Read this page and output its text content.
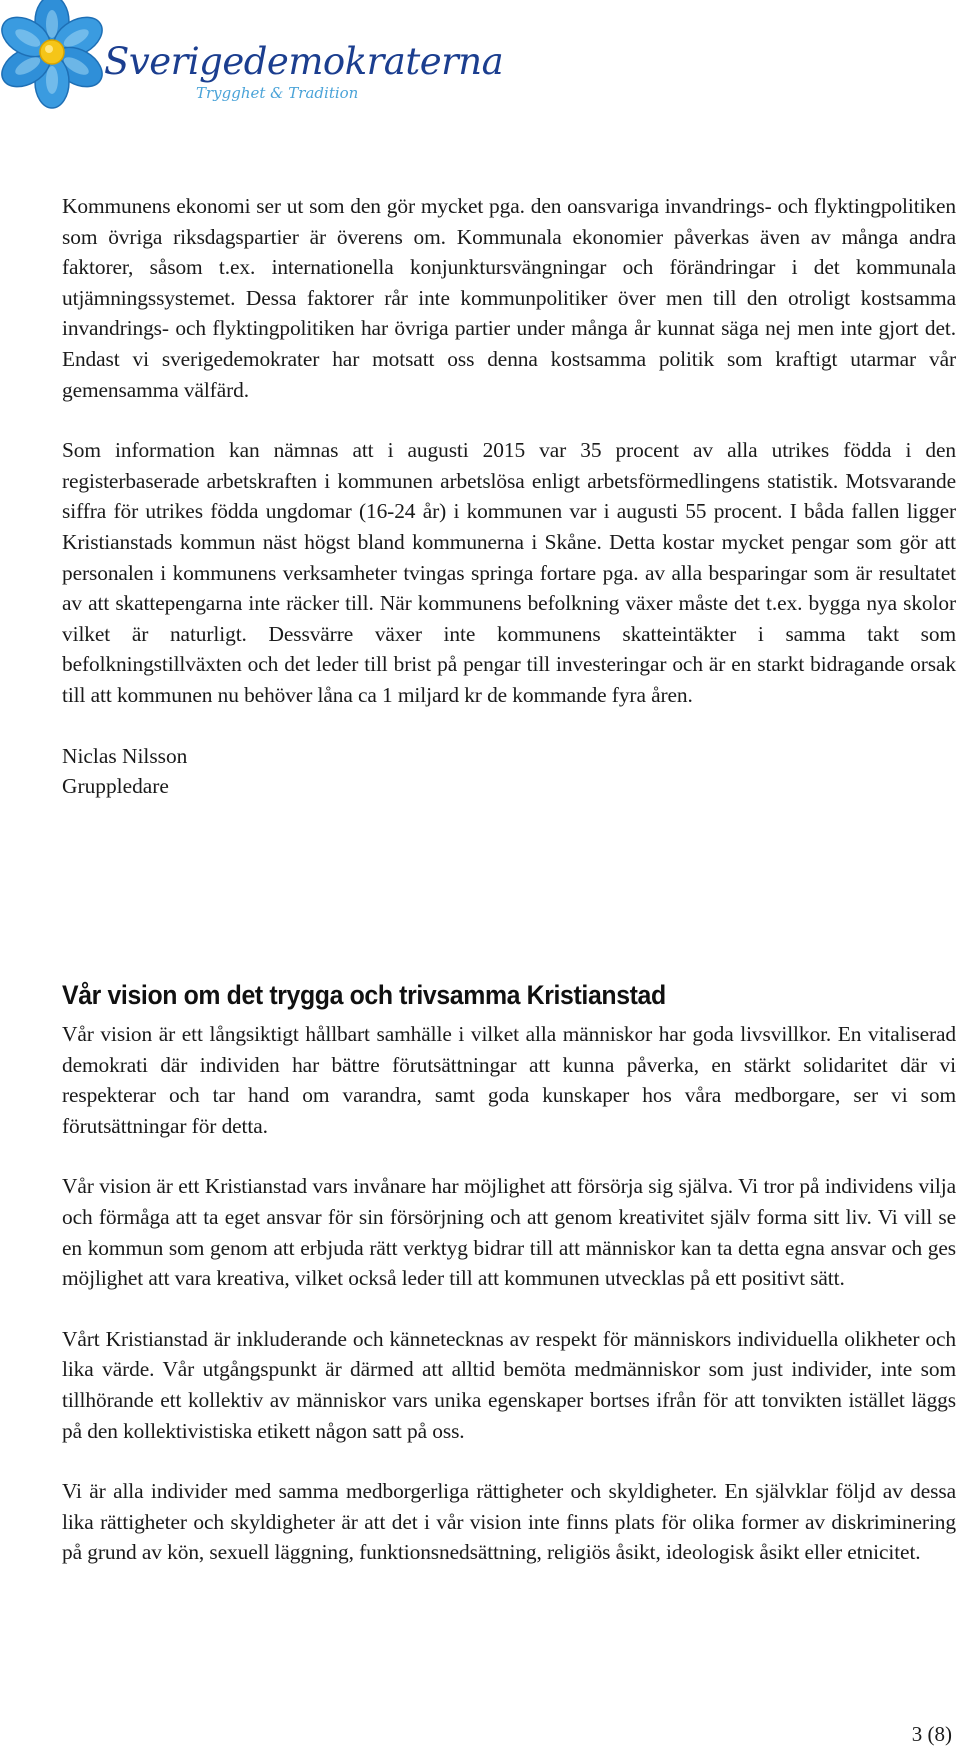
Sverigedemokraterna
Trygghet & Tradition

Kommunens ekonomi ser ut som den gör mycket pga. den oansvariga invandrings- och flyktingpolitiken som övriga riksdagspartier är överens om. Kommunala ekonomier påverkas även av många andra faktorer, såsom t.ex. internationella konjunktursvängningar och förändringar i det kommunala utjämningssystemet. Dessa faktorer rår inte kommunpolitiker över men till den otroligt kostsamma invandrings- och flyktingpolitiken har övriga partier under många år kunnat säga nej men inte gjort det. Endast vi sverigedemokrater har motsatt oss denna kostsamma politik som kraftigt utarmar vår gemensamma välfärd.

Som information kan nämnas att i augusti 2015 var 35 procent av alla utrikes födda i den registerbaserade arbetskraften i kommunen arbetslösa enligt arbetsförmedlingens statistik. Motsvarande siffra för utrikes födda ungdomar (16-24 år) i kommunen var i augusti 55 procent. I båda fallen ligger Kristianstads kommun näst högst bland kommunerna i Skåne. Detta kostar mycket pengar som gör att personalen i kommunens verksamheter tvingas springa fortare pga. av alla besparingar som är resultatet av att skattepengarna inte räcker till. När kommunens befolkning växer måste det t.ex. bygga nya skolor vilket är naturligt. Dessvärre växer inte kommunens skatteintäkter i samma takt som befolkningstillväxten och det leder till brist på pengar till investeringar och är en starkt bidragande orsak till att kommunen nu behöver låna ca 1 miljard kr de kommande fyra åren.

Niclas Nilsson
Gruppledare
Vår vision om det trygga och trivsamma Kristianstad

Vår vision är ett långsiktigt hållbart samhälle i vilket alla människor har goda livsvillkor. En vitaliserad demokrati där individen har bättre förutsättningar att kunna påverka, en stärkt solidaritet där vi respekterar och tar hand om varandra, samt goda kunskaper hos våra medborgare, ser vi som förutsättningar för detta.

Vår vision är ett Kristianstad vars invånare har möjlighet att försörja sig själva. Vi tror på individens vilja och förmåga att ta eget ansvar för sin försörjning och att genom kreativitet själv forma sitt liv. Vi vill se en kommun som genom att erbjuda rätt verktyg bidrar till att människor kan ta detta egna ansvar och ges möjlighet att vara kreativa, vilket också leder till att kommunen utvecklas på ett positivt sätt.

Vårt Kristianstad är inkluderande och kännetecknas av respekt för människors individuella olikheter och lika värde. Vår utgångspunkt är därmed att alltid bemöta medmänniskor som just individer, inte som tillhörande ett kollektiv av människor vars unika egenskaper bortses ifrån för att tonvikten istället läggs på den kollektivistiska etikett någon satt på oss.

Vi är alla individer med samma medborgerliga rättigheter och skyldigheter. En självklar följd av dessa lika rättigheter och skyldigheter är att det i vår vision inte finns plats för olika former av diskriminering på grund av kön, sexuell läggning, funktionsnedsättning, religiös åsikt, ideologisk åsikt eller etnicitet.

3 (8)
